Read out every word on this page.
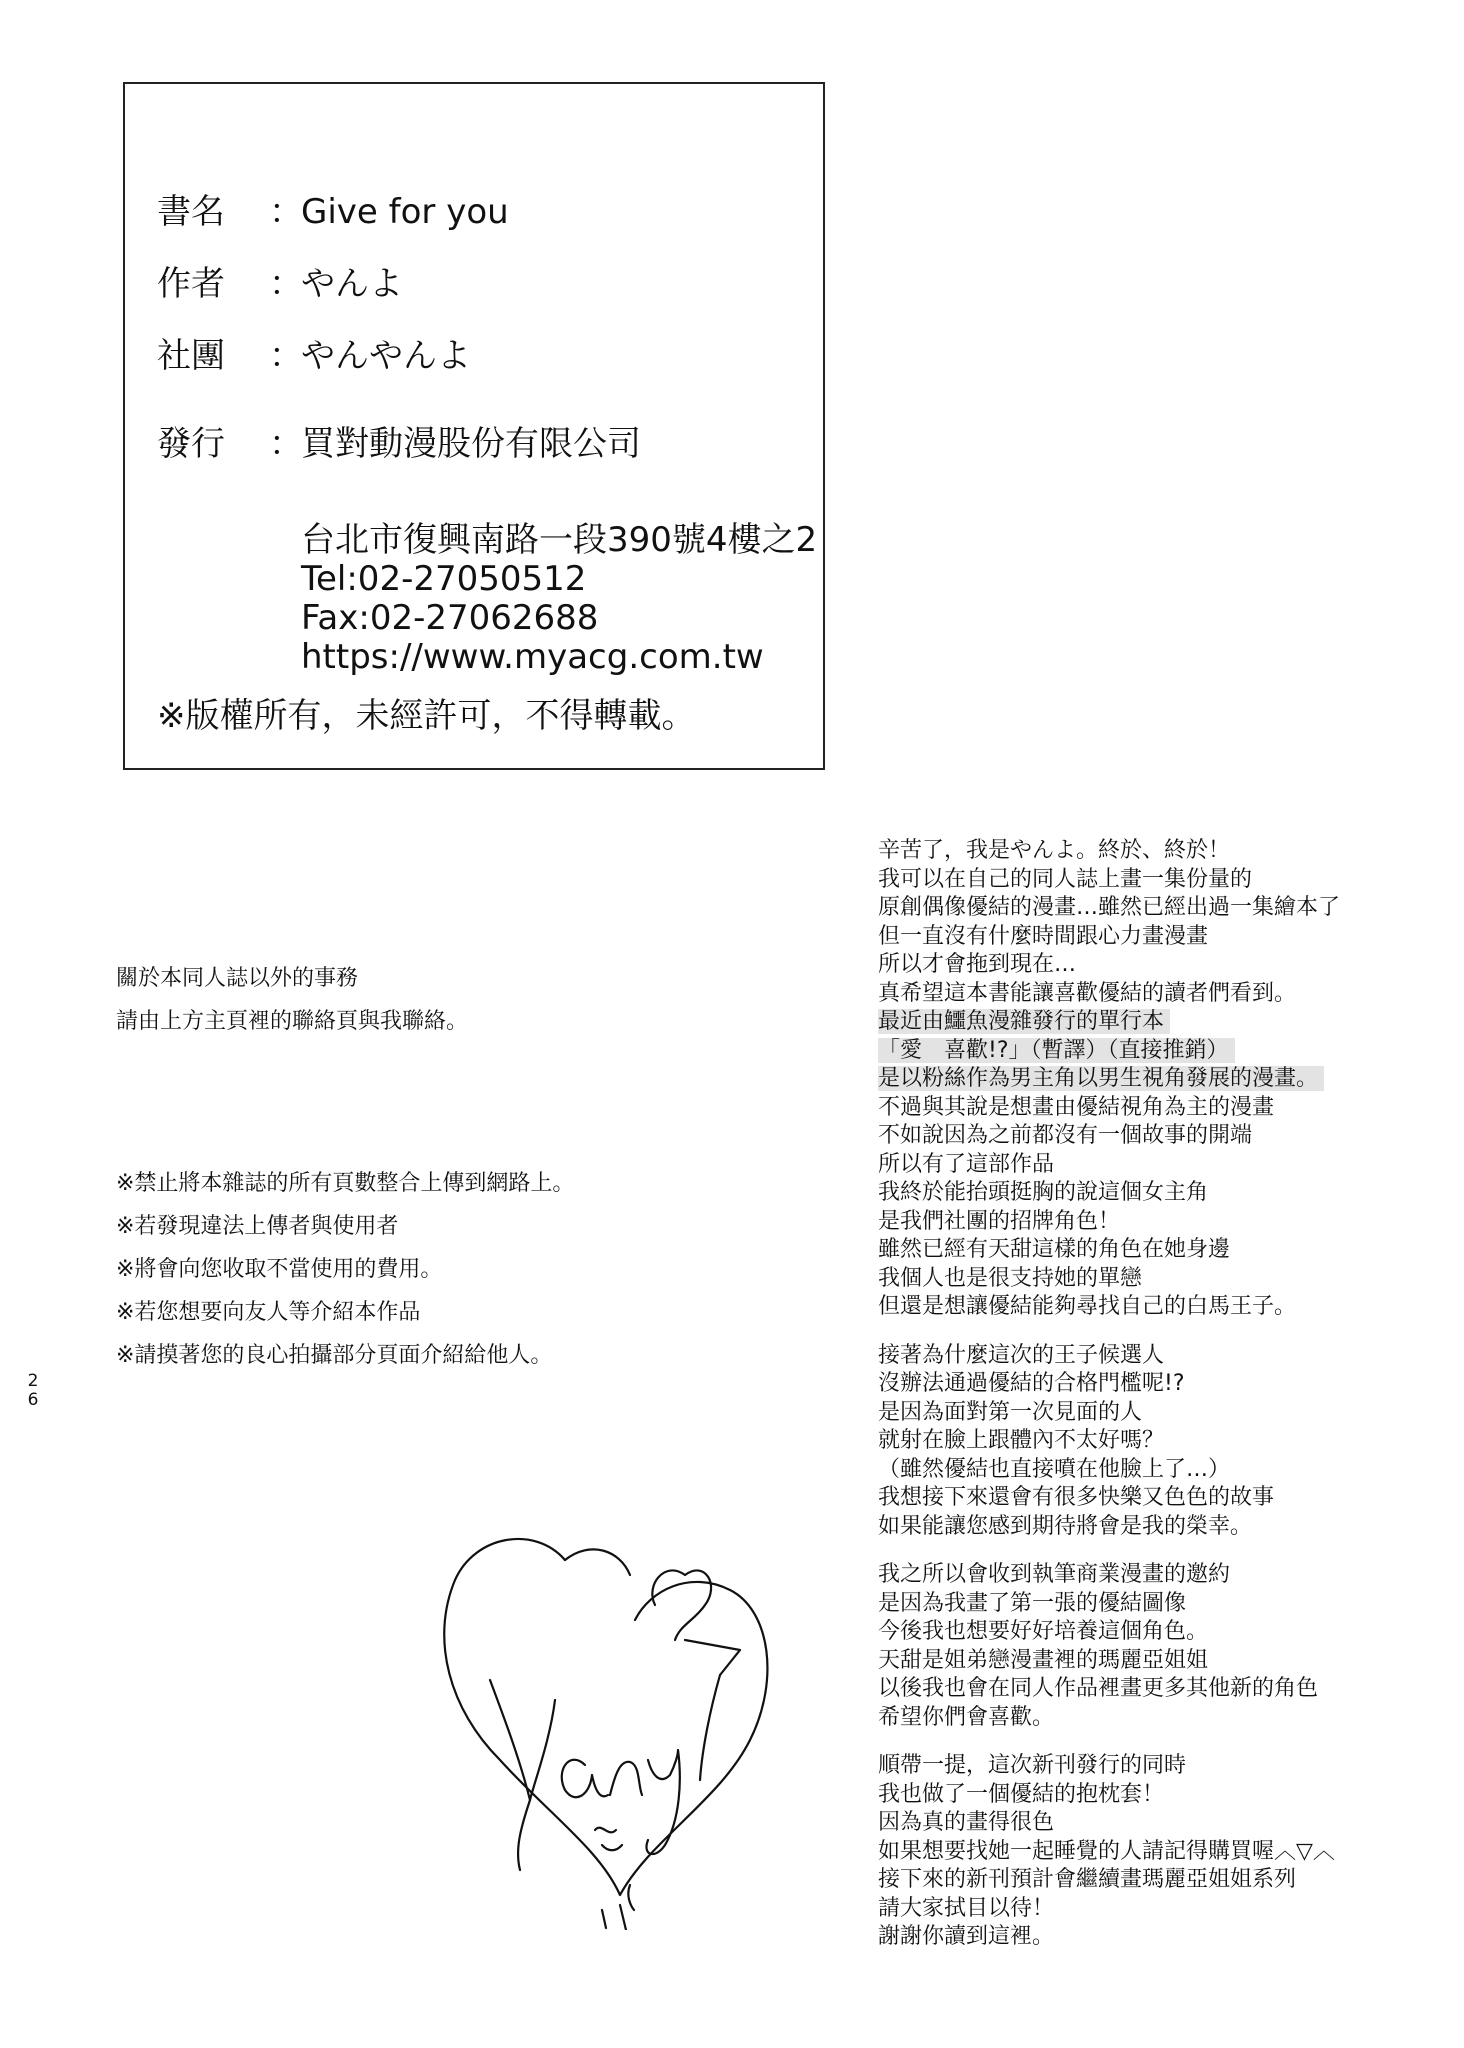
書名 ：Give for you
作者 ：やんよ
社團 ：やんやんよ
發行 ：買對動漫股份有限公司
台北市復興南路一段390號4樓之2
Tel:02-27050512
Fax:02-27062688
https://www.myacg.com.tw
※版權所有，未經許可，不得轉載。
關於本同人誌以外的事務
請由上方主頁裡的聯絡頁與我聯絡。
※禁止將本雜誌的所有頁數整合上傳到網路上。
※若發現違法上傳者與使用者
※將會向您收取不當使用的費用。
※若您想要向友人等介紹本作品
※請摸著您的良心拍攝部分頁面介紹給他人。
辛苦了，我是やんよ。終於、終於！
我可以在自己的同人誌上畫一集份量的
原創偶像優結的漫畫…雖然已經出過一集繪本了
但一直沒有什麼時間跟心力畫漫畫
所以才會拖到現在…
真希望這本書能讓喜歡優結的讀者們看到。
最近由鱷魚漫雜發行的單行本
「愛　喜歡!?」（暫譯）（直接推銷）
是以粉絲作為男主角以男生視角發展的漫畫。
不過與其說是想畫由優結視角為主的漫畫
不如說因為之前都沒有一個故事的開端
所以有了這部作品
我終於能抬頭挺胸的說這個女主角
是我們社團的招牌角色！
雖然已經有天甜這樣的角色在她身邊
我個人也是很支持她的單戀
但還是想讓優結能夠尋找自己的白馬王子。
接著為什麼這次的王子候選人
沒辦法通過優結的合格門檻呢!?
是因為面對第一次見面的人
就射在臉上跟體內不太好嗎？
（雖然優結也直接噴在他臉上了…）
我想接下來還會有很多快樂又色色的故事
如果能讓您感到期待將會是我的榮幸。
我之所以會收到執筆商業漫畫的邀約
是因為我畫了第一張的優結圖像
今後我也想要好好培養這個角色。
天甜是姐弟戀漫畫裡的瑪麗亞姐姐
以後我也會在同人作品裡畫更多其他新的角色
希望你們會喜歡。
順帶一提，這次新刊發行的同時
我也做了一個優結的抱枕套！
因為真的畫得很色
如果想要找她一起睡覺的人請記得購買喔︿▽︿
接下來的新刊預計會繼續畫瑪麗亞姐姐系列
請大家拭目以待！
謝謝你讀到這裡。
2
6
